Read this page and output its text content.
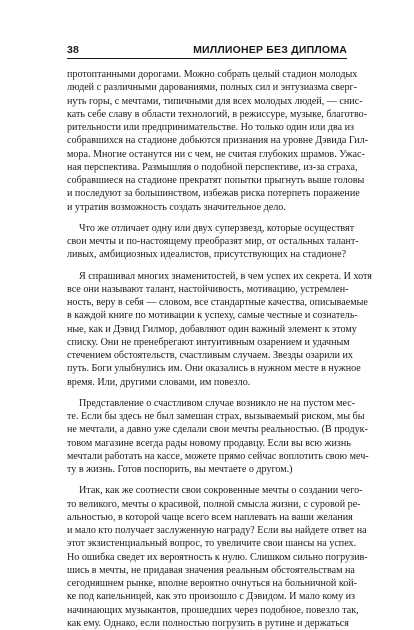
38	МИЛЛИОНЕР БЕЗ ДИПЛОМА

протоптанными дорогами. Можно собрать целый стадион молодых
людей с различными дарованиями, полных сил и энтузиазма сверг-
нуть горы, с мечтами, типичными для всех молодых людей, — снис-
кать себе славу в области технологий, в режиссуре, музыке, благотво-
рительности или предпринимательстве. Но только один или два из
собравшихся на стадионе добьются признания на уровне Дэвида Гил-
мора. Многие останутся ни с чем, не считая глубоких шрамов. Ужас-
ная перспектива. Размышляя о подобной перспективе, из-за страха,
собравшиеся на стадионе прекратят попытки прыгнуть выше головы
и последуют за большинством, избежав риска потерпеть поражение
и утратив возможность создать значительное дело.

Что же отличает одну или двух суперзвезд, которые осуществят
свои мечты и по-настоящему преобразят мир, от остальных талант-
ливых, амбициозных идеалистов, присутствующих на стадионе?

Я спрашивал многих знаменитостей, в чем успех их секрета. И хотя
все они называют талант, настойчивость, мотивацию, устремлен-
ность, веру в себя — словом, все стандартные качества, описываемые
в каждой книге по мотивации к успеху, самые честные и сознатель-
ные, как и Дэвид Гилмор, добавляют один важный элемент к этому
списку. Они не пренебрегают интуитивным озарением и удачным
стечением обстоятельств, счастливым случаем. Звезды озарили их
путь. Боги улыбнулись им. Они оказались в нужном месте в нужное
время. Или, другими словами, им повезло.

Представление о счастливом случае возникло не на пустом мес-
те. Если бы здесь не был замешан страх, вызываемый риском, мы бы
не мечтали, а давно уже сделали свои мечты реальностью. (В продук-
товом магазине всегда рады новому продавцу. Если вы всю жизнь
мечтали работать на кассе, можете прямо сейчас воплотить свою меч-
ту в жизнь. Готов поспорить, вы мечтаете о другом.)

Итак, как же соотнести свои сокровенные мечты о создании чего-
то великого, мечты о красивой, полной смысла жизни, с суровой ре-
альностью, в которой чаще всего всем наплевать на ваши желания
и мало кто получает заслуженную награду? Если вы найдете ответ на
этот экзистенциальный вопрос, то увеличите свои шансы на успех.
Но ошибка сведет их вероятность к нулю. Слишком сильно погрузив-
шись в мечты, не придавая значения реальным обстоятельствам на
сегодняшнем рынке, вполне вероятно очнуться на больничной кой-
ке под капельницей, как это произошло с Дэвидом. И мало кому из
начинающих музыкантов, прошедших через подобное, повезло так,
как ему. Однако, если полностью погрузить в рутине и держаться
